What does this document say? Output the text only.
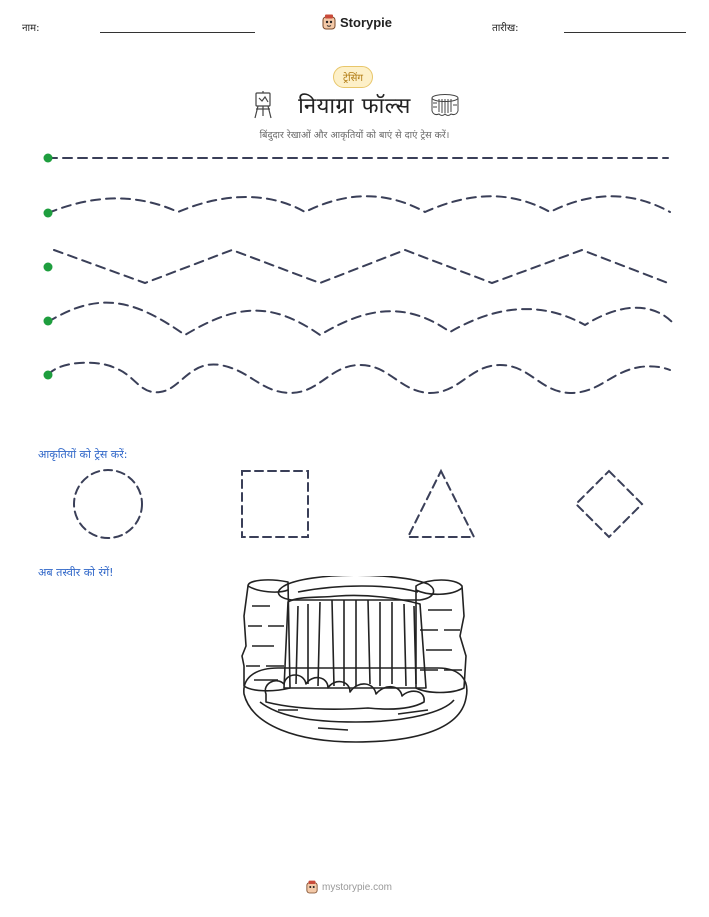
नाम:	Storypie	तारीख:
ट्रेसिंग
नियाग्रा फॉल्स
बिंदुदार रेखाओं और आकृतियों को बाएं से दाएं ट्रेस करें।
आकृतियों को ट्रेस करें:
अब तस्वीर को रंगें!
mystorypie.com
